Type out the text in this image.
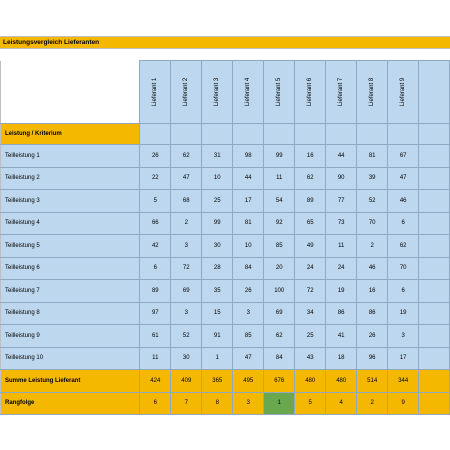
Leistungsvergleich Lieferanten
	Lieferant 1	Lieferant 2	Lieferant 3	Lieferant 4	Lieferant 5	Lieferant 6	Lieferant 7	Lieferant 8	Lieferant 9	
Leistung / Kriterium										
Teilleistung 1	26	62	31	98	99	16	44	81	67	
Teilleistung 2	22	47	10	44	11	62	90	39	47	
Teilleistung 3	5	68	25	17	54	89	77	52	46	
Teilleistung 4	66	2	99	81	92	65	73	70	6	
Teilleistung 5	42	3	30	10	85	49	11	2	62	
Teilleistung 6	6	72	28	84	20	24	24	46	70	
Teilleistung 7	89	69	35	26	100	72	19	16	6	
Teilleistung 8	97	3	15	3	69	34	86	86	19	
Teilleistung 9	61	52	91	85	62	25	41	26	3	
Teilleistung 10	11	30	1	47	84	43	18	96	17	
Summe Leistung Lieferant	424	409	365	495	676	480	480	514	344	
Rangfolge	6	7	8	3	1	5	4	2	9	
